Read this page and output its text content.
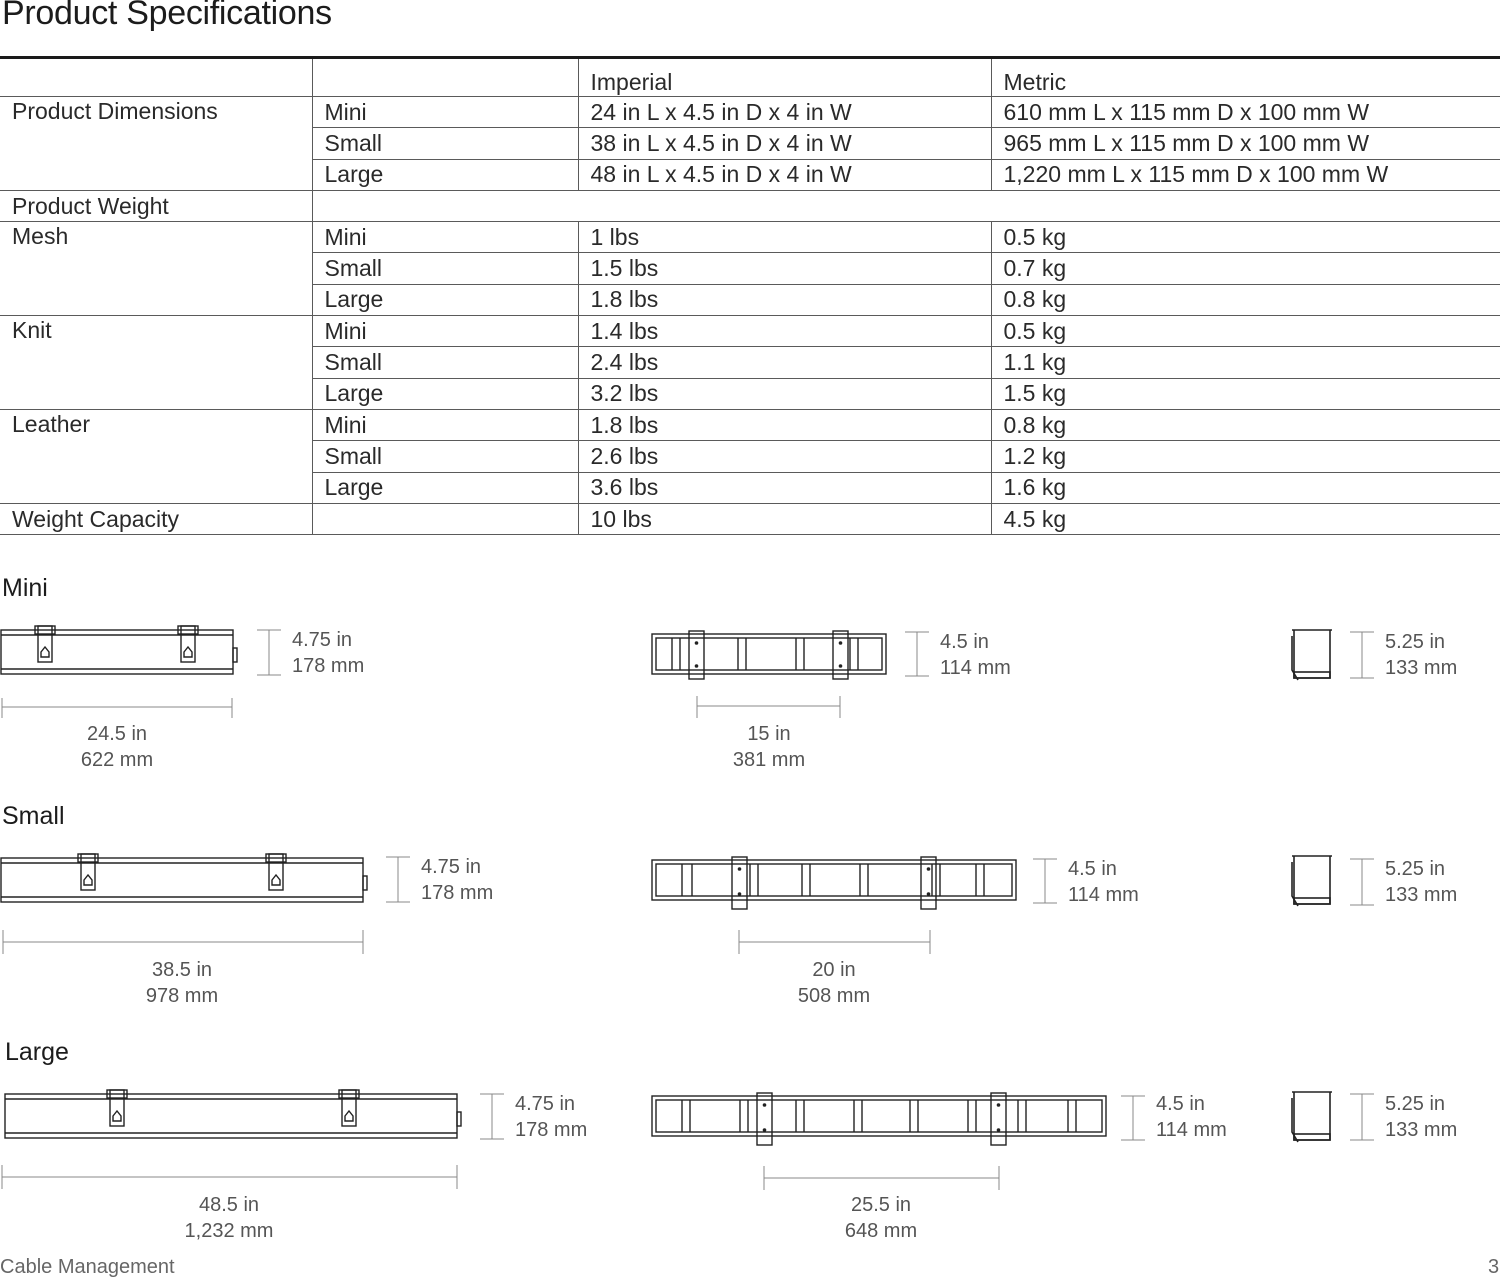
Product Specifications
		Imperial	Metric
Product Dimensions	Mini	24 in L x 4.5 in D x 4 in W	610 mm L x 115 mm D x 100 mm W
	Small	38 in L x 4.5 in D x 4 in W	965 mm L x 115 mm D x 100 mm W
	Large	48 in L x 4.5 in D x 4 in W	1,220 mm L x 115 mm D x 100 mm W
Product Weight			
Mesh	Mini	1 lbs	0.5 kg
	Small	1.5 lbs	0.7 kg
	Large	1.8 lbs	0.8 kg
Knit	Mini	1.4 lbs	0.5 kg
	Small	2.4 lbs	1.1 kg
	Large	3.2 lbs	1.5 kg
Leather	Mini	1.8 lbs	0.8 kg
	Small	2.6 lbs	1.2 kg
	Large	3.6 lbs	1.6 kg
Weight Capacity		10 lbs	4.5 kg
Mini
4.75 in
178 mm
24.5 in
622 mm
4.5 in
114 mm
15 in
381 mm
5.25 in
133 mm
Small
4.75 in
178 mm
38.5 in
978 mm
4.5 in
114 mm
20 in
508 mm
5.25 in
133 mm
Large
4.75 in
178 mm
48.5 in
1,232 mm
4.5 in
114 mm
25.5 in
648 mm
5.25 in
133 mm
Cable Management	3
